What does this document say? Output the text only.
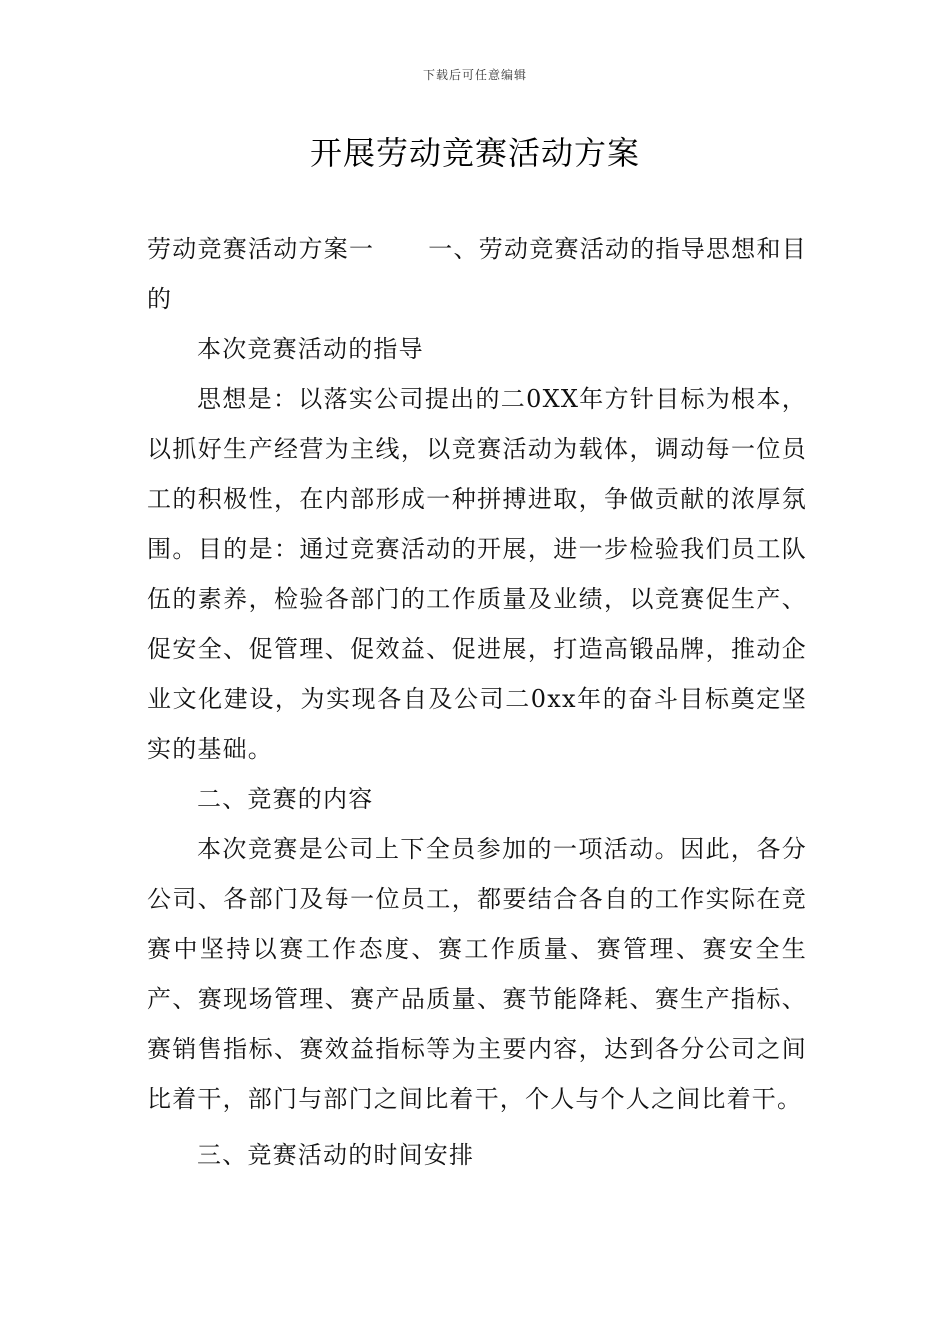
下载后可任意编辑
开展劳动竞赛活动方案

劳动竞赛活动方案一 一、劳动竞赛活动的指导思想和目的

本次竞赛活动的指导

思想是：以落实公司提出的二0XX年方针目标为根本，以抓好生产经营为主线，以竞赛活动为载体，调动每一位员工的积极性，在内部形成一种拼搏进取，争做贡献的浓厚氛围。目的是：通过竞赛活动的开展，进一步检验我们员工队伍的素养，检验各部门的工作质量及业绩，以竞赛促生产、促安全、促管理、促效益、促进展，打造高锻品牌，推动企业文化建设，为实现各自及公司二0xx年的奋斗目标奠定坚实的基础。

二、竞赛的内容

本次竞赛是公司上下全员参加的一项活动。因此，各分公司、各部门及每一位员工，都要结合各自的工作实际在竞赛中坚持以赛工作态度、赛工作质量、赛管理、赛安全生产、赛现场管理、赛产品质量、赛节能降耗、赛生产指标、赛销售指标、赛效益指标等为主要内容，达到各分公司之间比着干，部门与部门之间比着干，个人与个人之间比着干。

三、竞赛活动的时间安排
